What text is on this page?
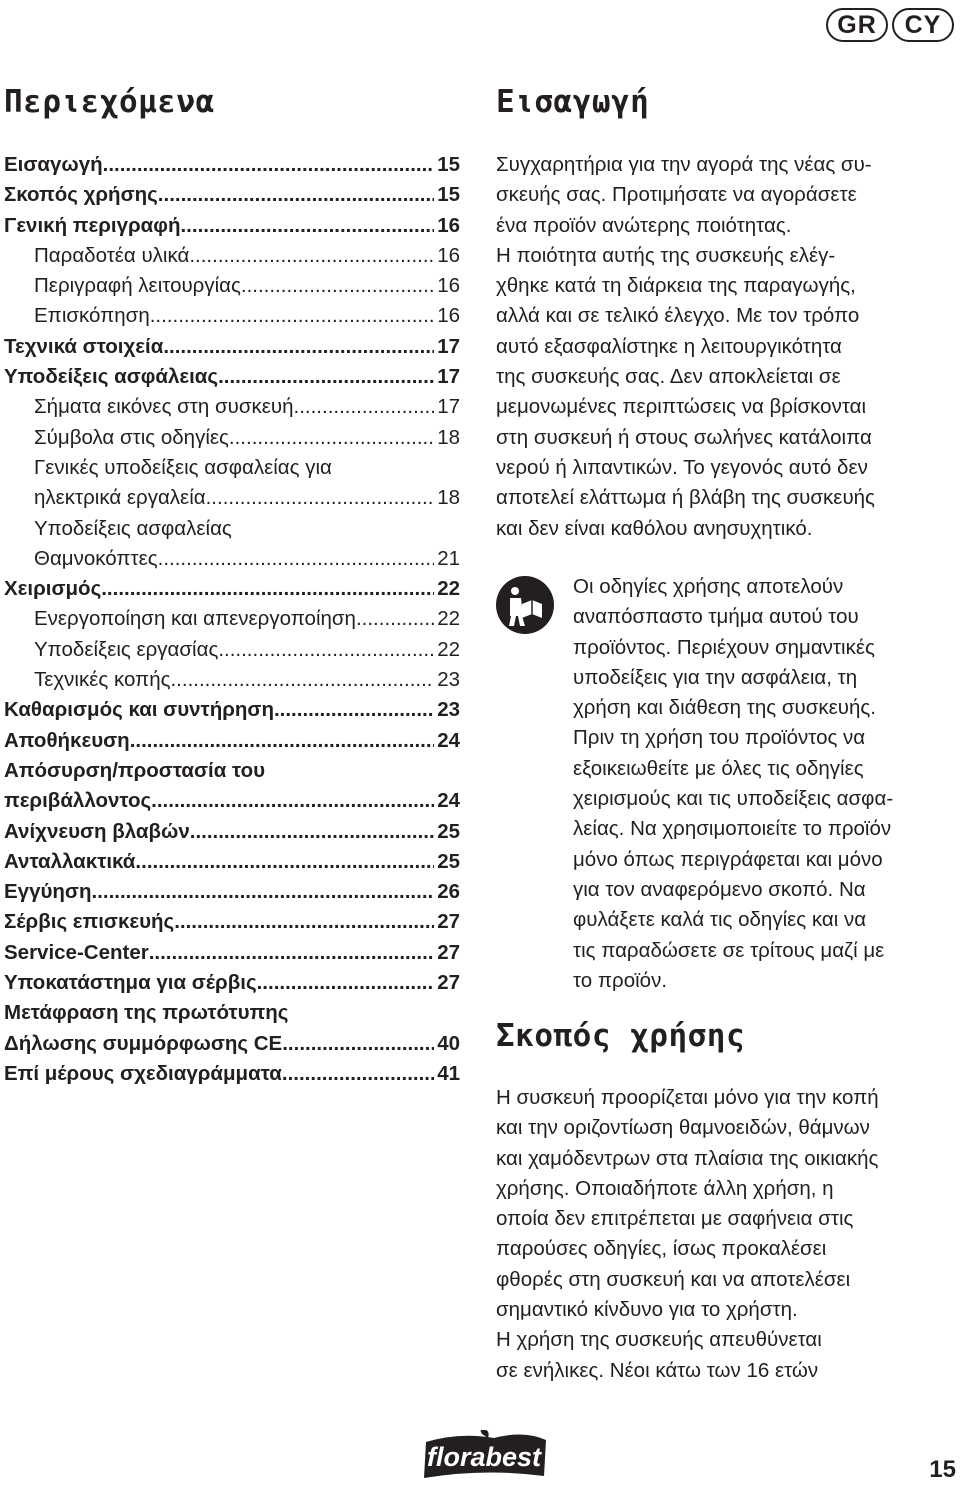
GR	CY
Περιεχόμενα
Εισαγωγή .....	15
Σκοπός χρήσης .....	15
Γενική περιγραφή .....	16
Παραδοτέα υλικά .....	16
Περιγραφή λειτουργίας .....	16
Επισκόπηση .....	16
Τεχνικά στοιχεία .....	17
Υποδείξεις ασφάλειας .....	17
Σήματα εικόνες στη συσκευή .....	17
Σύμβολα στις οδηγίες .....	18
Γενικές υποδείξεις ασφαλείας για
ηλεκτρικά εργαλεία .....	18
Υποδείξεις ασφαλείας
Θαμνοκόπτες .....	21
Χειρισμός .....	22
Ενεργοποίηση και απενεργοποίηση .....	22
Υποδείξεις εργασίας .....	22
Τεχνικές κοπής .....	23
Καθαρισμός και συντήρηση .....	23
Αποθήκευση .....	24
Απόσυρση/προστασία του
περιβάλλοντος .....	24
Ανίχνευση βλαβών .....	25
Ανταλλακτικά .....	25
Εγγύηση .....	26
Σέρβις επισκευής .....	27
Service-Center .....	27
Υποκατάστημα για σέρβις .....	27
Μετάφραση της πρωτότυπης
Δήλωσης συμμόρφωσης CE .....	40
Επί μέρους σχεδιαγράμματα .....	41
Εισαγωγή

Συγχαρητήρια για την αγορά της νέας συ-
σκευής σας. Προτιμήσατε να αγοράσετε
ένα προϊόν ανώτερης ποιότητας.
Η ποιότητα αυτής της συσκευής ελέγ-
χθηκε κατά τη διάρκεια της παραγωγής,
αλλά και σε τελικό έλεγχο. Με τον τρόπο
αυτό εξασφαλίστηκε η λειτουργικότητα
της συσκευής σας. Δεν αποκλείεται σε
μεμονωμένες περιπτώσεις να βρίσκονται
στη συσκευή ή στους σωλήνες κατάλοιπα
νερού ή λιπαντικών. Το γεγονός αυτό δεν
αποτελεί ελάττωμα ή βλάβη της συσκευής
και δεν είναι καθόλου ανησυχητικό.

Οι οδηγίες χρήσης αποτελούν
αναπόσπαστο τμήμα αυτού του
προϊόντος. Περιέχουν σημαντικές
υποδείξεις για την ασφάλεια, τη
χρήση και διάθεση της συσκευής.
Πριν τη χρήση του προϊόντος να
εξοικειωθείτε με όλες τις οδηγίες
χειρισμούς και τις υποδείξεις ασφα-
λείας. Να χρησιμοποιείτε το προϊόν
μόνο όπως περιγράφεται και μόνο
για τον αναφερόμενο σκοπό. Να
φυλάξετε καλά τις οδηγίες και να
τις παραδώσετε σε τρίτους μαζί με
το προϊόν.

Σκοπός χρήσης

Η συσκευή προορίζεται μόνο για την κοπή
και την οριζοντίωση θαμνοειδών, θάμνων
και χαμόδεντρων στα πλαίσια της οικιακής
χρήσης. Οποιαδήποτε άλλη χρήση, η
οποία δεν επιτρέπεται με σαφήνεια στις
παρούσες οδηγίες, ίσως προκαλέσει
φθορές στη συσκευή και να αποτελέσει
σημαντικό κίνδυνο για το χρήστη.
Η χρήση της συσκευής απευθύνεται
σε ενήλικες. Νέοι κάτω των 16 ετών

florabest	15
